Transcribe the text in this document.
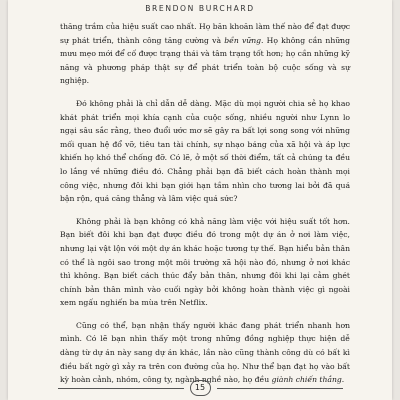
BRENDON BURCHARD

thăng trầm của hiệu suất cao nhất. Họ băn khoăn làm thế nào để đạt được sự phát triển, thành công tăng cường và bền vững. Họ không cần những mưu mẹo mới để cố được trạng thái và tâm trạng tốt hơn; họ cần những kỹ năng và phương pháp thật sự để phát triển toàn bộ cuộc sống và sự nghiệp.

Đó không phải là chỉ dẫn dễ dàng. Mặc dù mọi người chia sẻ họ khao khát phát triển mọi khía cạnh của cuộc sống, nhiều người như Lynn lo ngại sâu sắc rằng, theo đuổi ước mơ sẽ gây ra bất lợi song song với những mối quan hệ đổ vỡ, tiêu tan tài chính, sự nhạo báng của xã hội và áp lực khiến họ khó thể chống đỡ. Có lẽ, ở một số thời điểm, tất cả chúng ta đều lo lắng về những điều đó. Chẳng phải bạn đã biết cách hoàn thành mọi công việc, nhưng đôi khi bạn giới hạn tầm nhìn cho tương lai bởi đã quá bận rộn, quá căng thẳng và lâm việc quá sức?

Không phải là bạn không có khả năng làm việc với hiệu suất tốt hơn. Bạn biết đôi khi bạn đạt được điều đó trong một dự án ở nơi làm việc, nhưng lại vật lộn với một dự án khác hoặc tương tự thế. Bạn hiểu bản thân có thể là ngôi sao trong một môi trường xã hội nào đó, nhưng ở nơi khác thì không. Bạn biết cách thúc đẩy bản thân, nhưng đôi khi lại cảm ghét chính bản thân mình vào cuối ngày bởi không hoàn thành việc gì ngoài xem ngấu nghiến ba mùa trên Netflix.

Cũng có thể, bạn nhận thấy người khác đang phát triển nhanh hơn mình. Có lẽ bạn nhìn thấy một trong những đồng nghiệp thực hiện dễ dàng từ dự án này sang dự án khác, lần nào cũng thành công dù có bất kì điều bất ngờ gì xảy ra trên con đường của họ. Như thể bạn đạt họ vào bất kỳ hoàn cảnh, nhóm, công ty, ngành nghề nào, họ đều giành chiến thắng.

15
